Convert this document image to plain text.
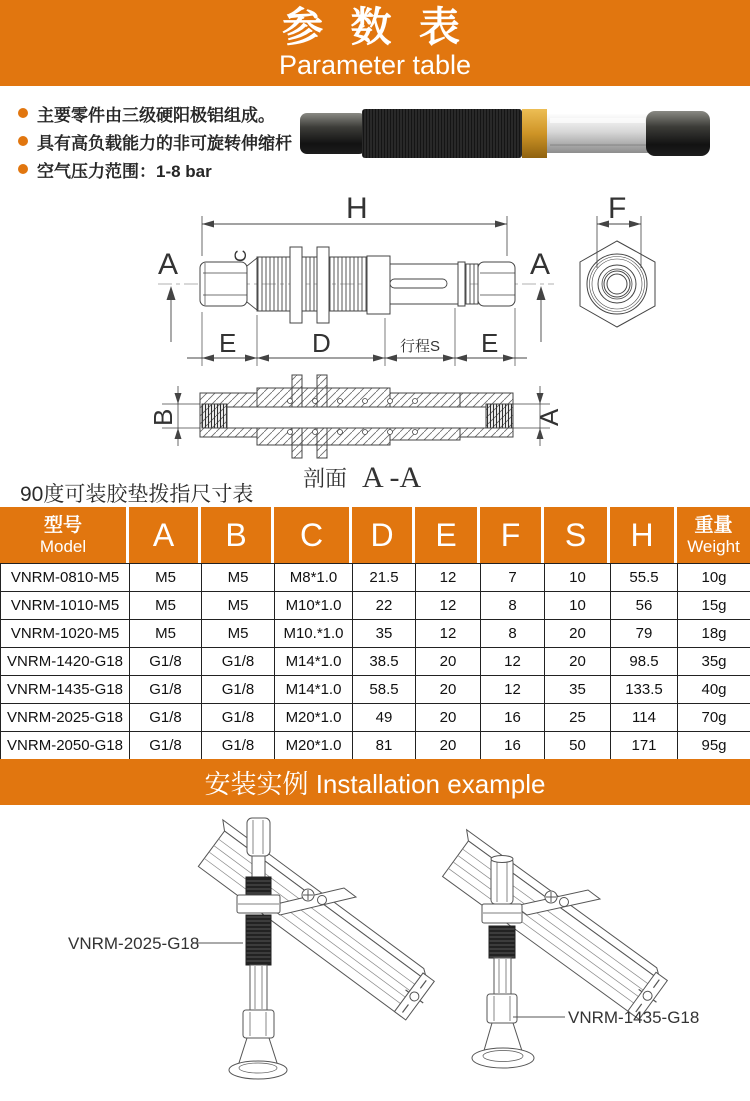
参 数 表
Parameter table
主要零件由三级硬阳极铝组成。
具有高负载能力的非可旋转伸缩杆
空气压力范围：1-8 bar
90度可装胶垫拨指尺寸表
H	F
A	A
C
E	D	行程S E
B	A
剖面 A -A
型号
Model	A	B	C	D	E	F	S	H	重量
Weight
VNRM-0810-M5	M5	M5	M8*1.0	21.5	12	7	10	55.5	10g
VNRM-1010-M5	M5	M5	M10*1.0	22	12	8	10	56	15g
VNRM-1020-M5	M5	M5	M10.*1.0	35	12	8	20	79	18g
VNRM-1420-G18	G1/8	G1/8	M14*1.0	38.5	20	12	20	98.5	35g
VNRM-1435-G18	G1/8	G1/8	M14*1.0	58.5	20	12	35	133.5	40g
VNRM-2025-G18	G1/8	G1/8	M20*1.0	49	20	16	25	114	70g
VNRM-2050-G18	G1/8	G1/8	M20*1.0	81	20	16	50	171	95g
安装实例 Installation example
VNRM-2025-G18
VNRM-1435-G18
